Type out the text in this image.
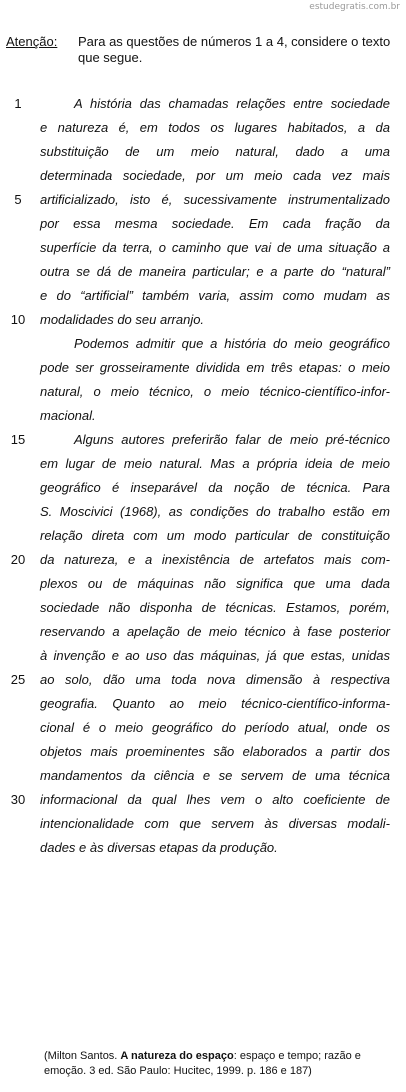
estudegratis.com.br
Atenção: Para as questões de números 1 a 4, considere o texto que segue.
1	A história das chamadas relações entre sociedade
e natureza é, em todos os lugares habitados, a da
substituição de um meio natural, dado a uma
determinada sociedade, por um meio cada vez mais
5	artificializado, isto é, sucessivamente instrumentalizado
por essa mesma sociedade. Em cada fração da
superfície da terra, o caminho que vai de uma situação a
outra se dá de maneira particular; e a parte do “natural”
e do “artificial” também varia, assim como mudam as
10	modalidades do seu arranjo.
Podemos admitir que a história do meio geográfico
pode ser grosseiramente dividida em três etapas: o meio
natural, o meio técnico, o meio técnico-científico-infor-
macional.
15	Alguns autores preferirão falar de meio pré-técnico
em lugar de meio natural. Mas a própria ideia de meio
geográfico é inseparável da noção de técnica. Para
S. Moscivici (1968), as condições do trabalho estão em
relação direta com um modo particular de constituição
20	da natureza, e a inexistência de artefatos mais com-
plexos ou de máquinas não significa que uma dada
sociedade não disponha de técnicas. Estamos, porém,
reservando a apelação de meio técnico à fase posterior
à invenção e ao uso das máquinas, já que estas, unidas
25	ao solo, dão uma toda nova dimensão à respectiva
geografia. Quanto ao meio técnico-científico-informa-
cional é o meio geográfico do período atual, onde os
objetos mais proeminentes são elaborados a partir dos
mandamentos da ciência e se servem de uma técnica
30	informacional da qual lhes vem o alto coeficiente de
intencionalidade com que servem às diversas modali-
dades e às diversas etapas da produção.
(Milton Santos. A natureza do espaço: espaço e tempo; razão e emoção. 3 ed. São Paulo: Hucitec, 1999. p. 186 e 187)
